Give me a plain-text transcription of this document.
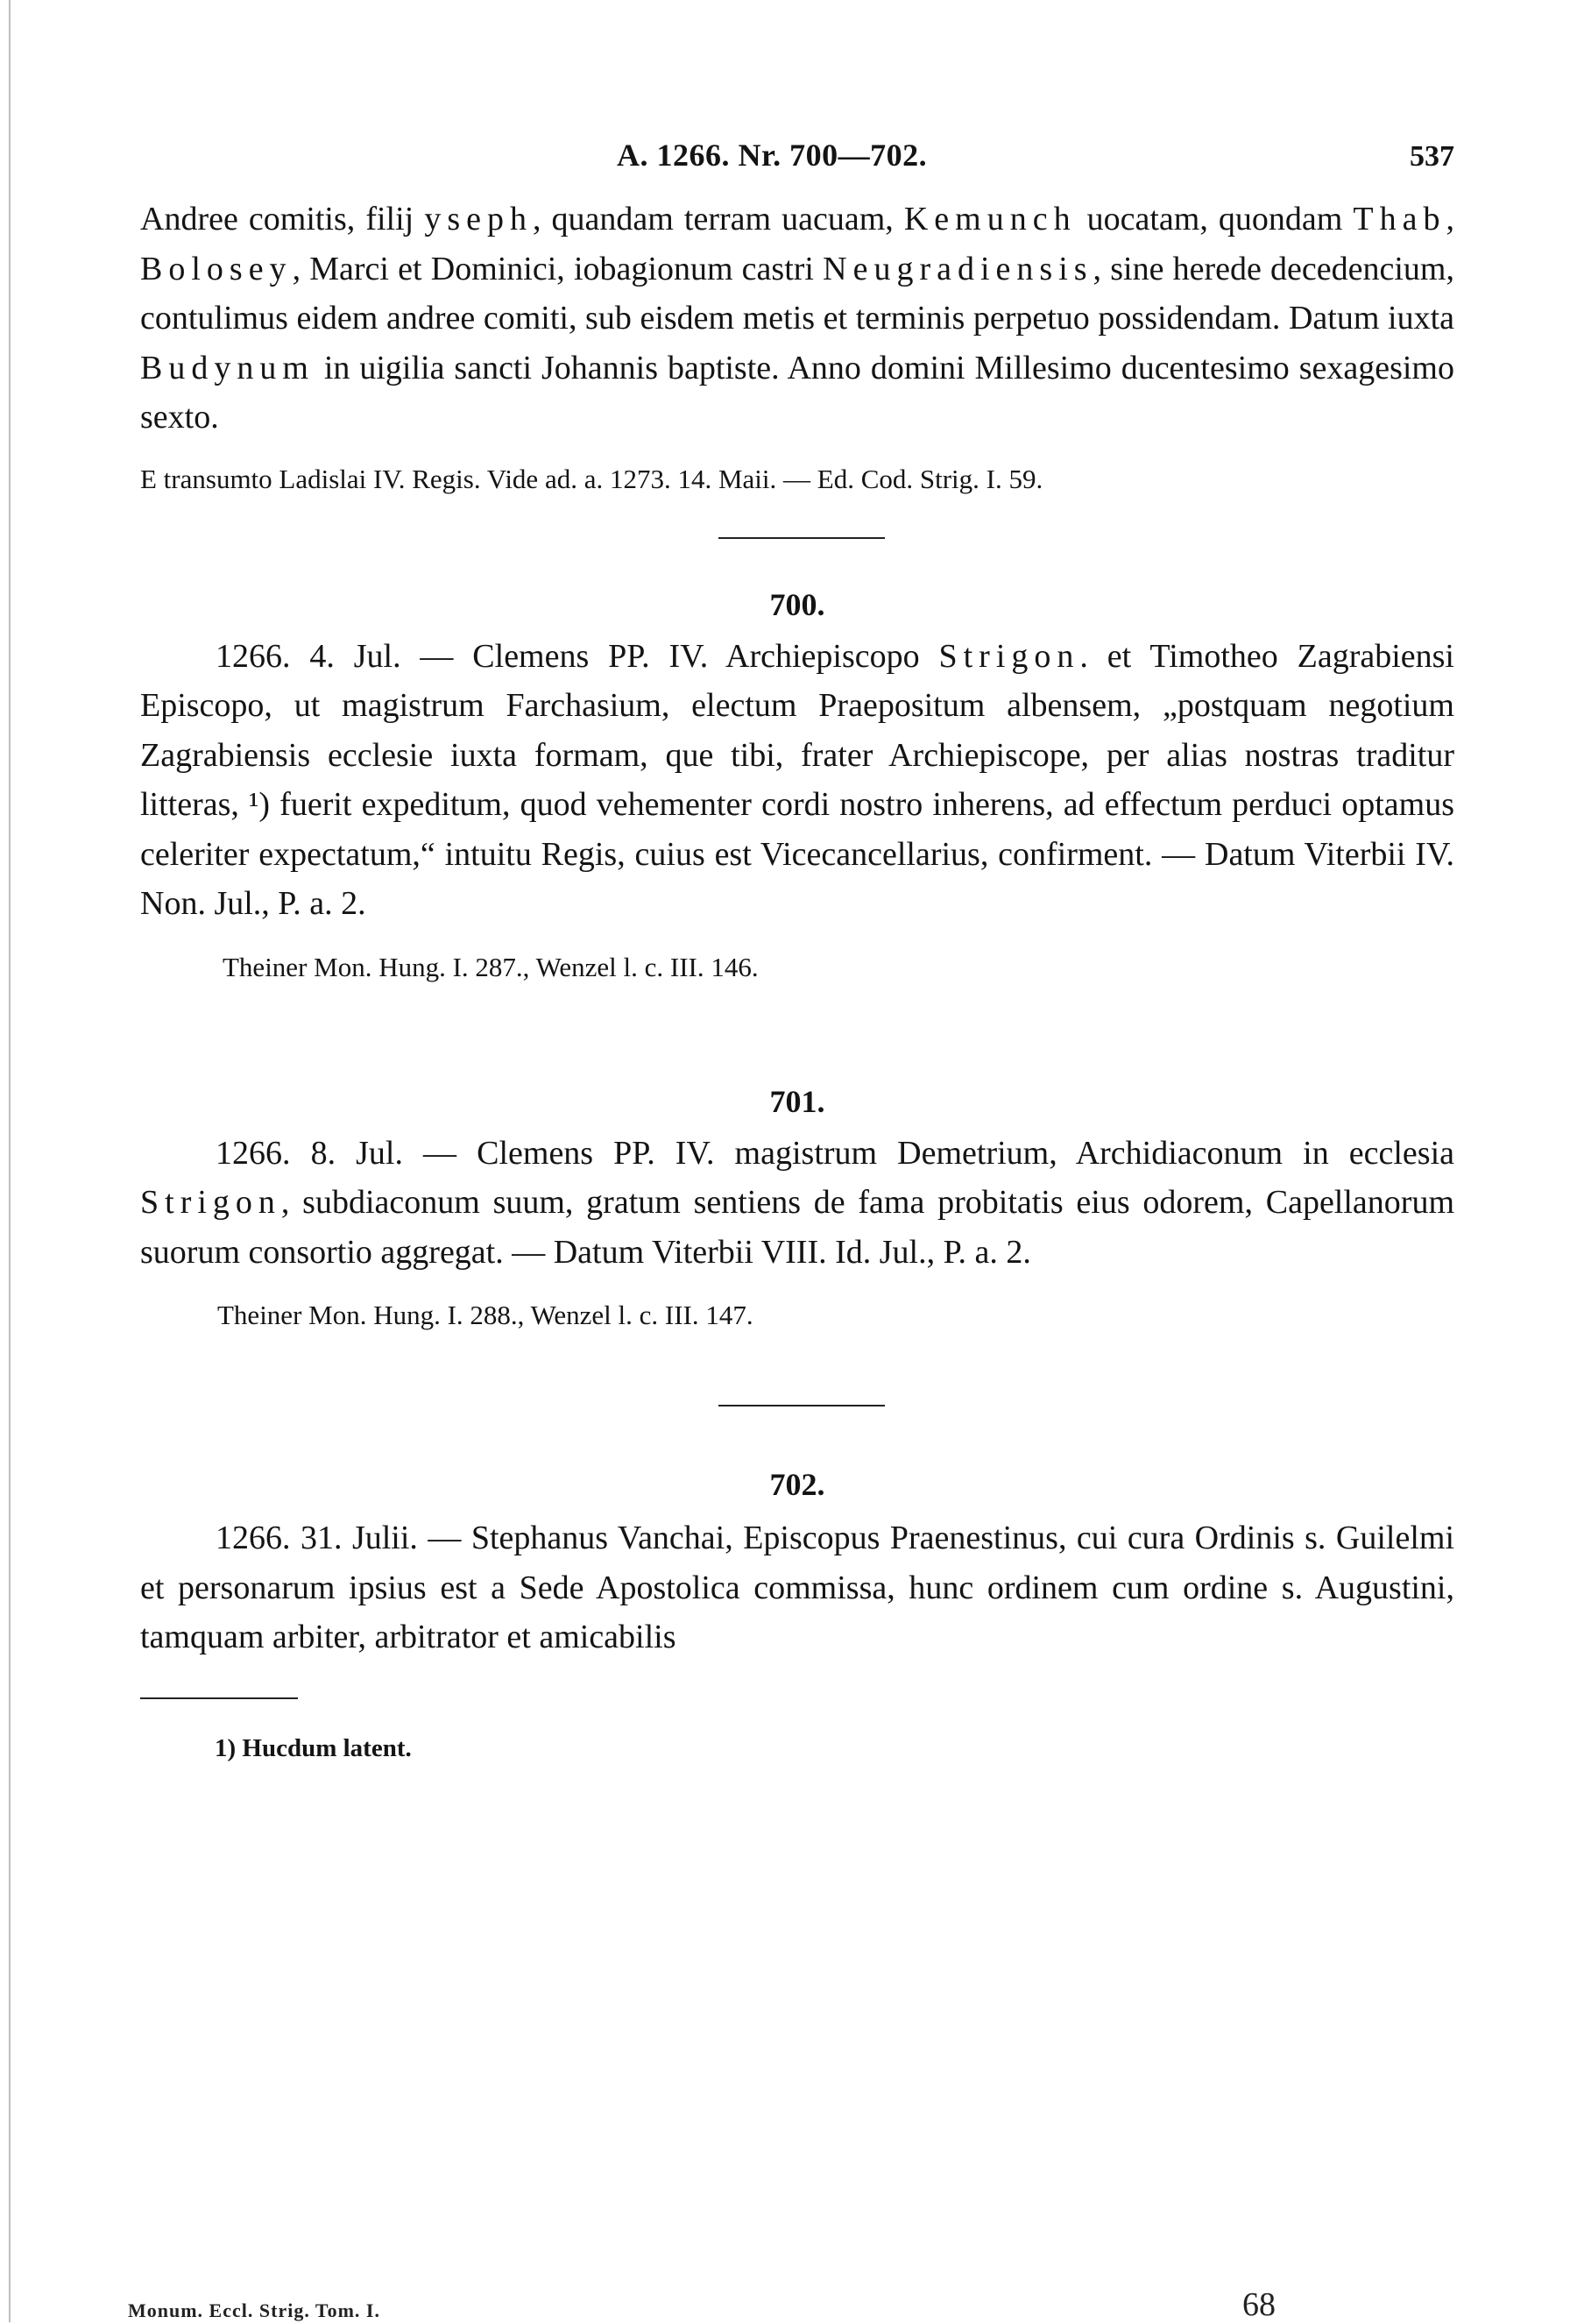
A. 1266. Nr. 700—702.	537

Andree comitis, filij yseph, quandam terram uacuam, Kemunch uocatam, quondam Thab, Bolosey, Marci et Dominici, iobagionum castri Neugradiensis, sine herede decedencium, contulimus eidem andree comiti, sub eisdem metis et terminis perpetuo possidendam. Datum iuxta Budynum in uigilia sancti Johannis baptiste. Anno domini Millesimo ducentesimo sexagesimo sexto.

E transumto Ladislai IV. Regis. Vide ad. a. 1273. 14. Maii. — Ed. Cod. Strig. I. 59.

700.

1266. 4. Jul. — Clemens PP. IV. Archiepiscopo Strigon. et Timotheo Zagrabiensi Episcopo, ut magistrum Farchasium, electum Praepositum albensem, „postquam negotium Zagrabiensis ecclesie iuxta formam, que tibi, frater Archiepiscope, per alias nostras traditur litteras, ¹) fuerit expeditum, quod vehementer cordi nostro inherens, ad effectum perduci optamus celeriter expectatum,“ intuitu Regis, cuius est Vicecancellarius, confirment. — Datum Viterbii IV. Non. Jul., P. a. 2.

Theiner Mon. Hung. I. 287., Wenzel l. c. III. 146.

701.

1266. 8. Jul. — Clemens PP. IV. magistrum Demetrium, Archidiaconum in ecclesia Strigon, subdiaconum suum, gratum sentiens de fama probitatis eius odorem, Capellanorum suorum consortio aggregat. — Datum Viterbii VIII. Id. Jul., P. a. 2.

Theiner Mon. Hung. I. 288., Wenzel l. c. III. 147.

702.

1266. 31. Julii. — Stephanus Vanchai, Episcopus Praenestinus, cui cura Ordinis s. Guilelmi et personarum ipsius est a Sede Apostolica commissa, hunc ordinem cum ordine s. Augustini, tamquam arbiter, arbitrator et amicabilis

1) Hucdum latent.

Monum. Eccl. Strig. Tom. I.	68
